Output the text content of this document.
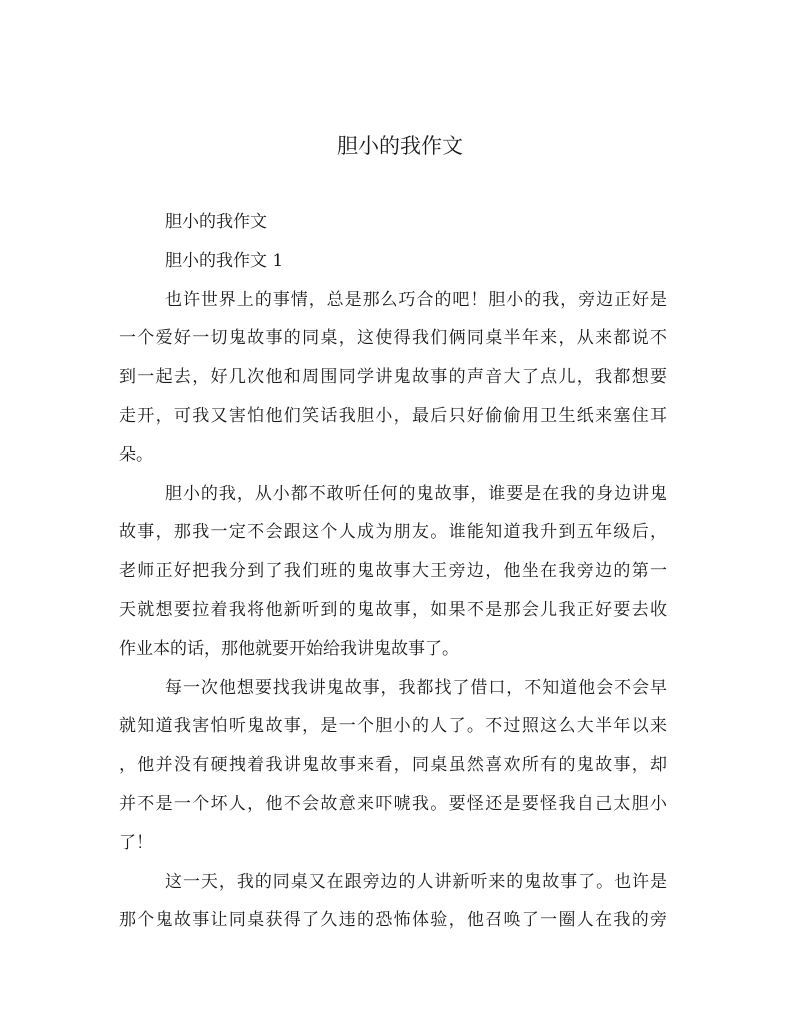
胆小的我作文

胆小的我作文

胆小的我作文 1

也许世界上的事情，总是那么巧合的吧！胆小的我，旁边正好是

一个爱好一切鬼故事的同桌，这使得我们俩同桌半年来，从来都说不

到一起去，好几次他和周围同学讲鬼故事的声音大了点儿，我都想要

走开，可我又害怕他们笑话我胆小，最后只好偷偷用卫生纸来塞住耳

朵。

胆小的我，从小都不敢听任何的鬼故事，谁要是在我的身边讲鬼

故事，那我一定不会跟这个人成为朋友。谁能知道我升到五年级后，

老师正好把我分到了我们班的鬼故事大王旁边，他坐在我旁边的第一

天就想要拉着我将他新听到的鬼故事，如果不是那会儿我正好要去收

作业本的话，那他就要开始给我讲鬼故事了。

每一次他想要找我讲鬼故事，我都找了借口，不知道他会不会早

就知道我害怕听鬼故事，是一个胆小的人了。不过照这么大半年以来

，他并没有硬拽着我讲鬼故事来看，同桌虽然喜欢所有的鬼故事，却

并不是一个坏人，他不会故意来吓唬我。要怪还是要怪我自己太胆小

了！

这一天，我的同桌又在跟旁边的人讲新听来的鬼故事了。也许是

那个鬼故事让同桌获得了久违的恐怖体验，他召唤了一圈人在我的旁
